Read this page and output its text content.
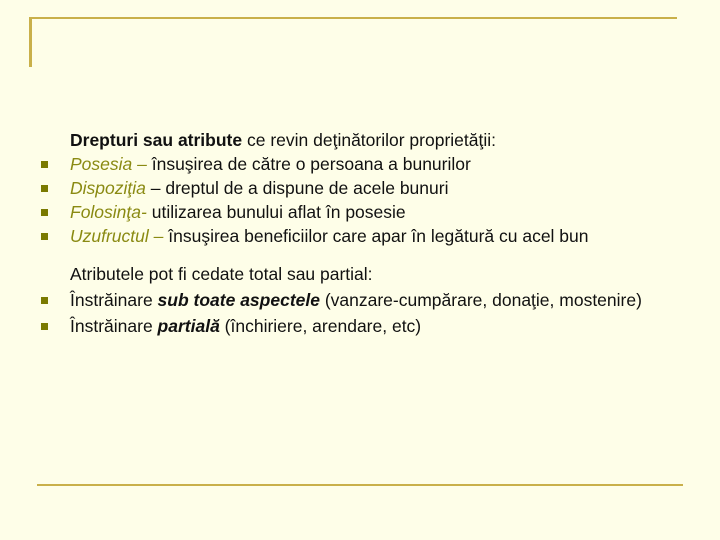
Drepturi sau atribute ce revin deţinătorilor proprietăţii:

Posesia – însuşirea de către o persoana a bunurilor

Dispoziţia – dreptul de a dispune de acele bunuri

Folosinţa- utilizarea bunului aflat în posesie

Uzufructul – însuşirea beneficiilor care apar în legătură cu acel bun

Atributele pot fi cedate total sau partial:

Înstrăinare sub toate aspectele (vanzare-cumpărare, donaţie, mostenire)

Înstrăinare partială (închiriere, arendare, etc)
